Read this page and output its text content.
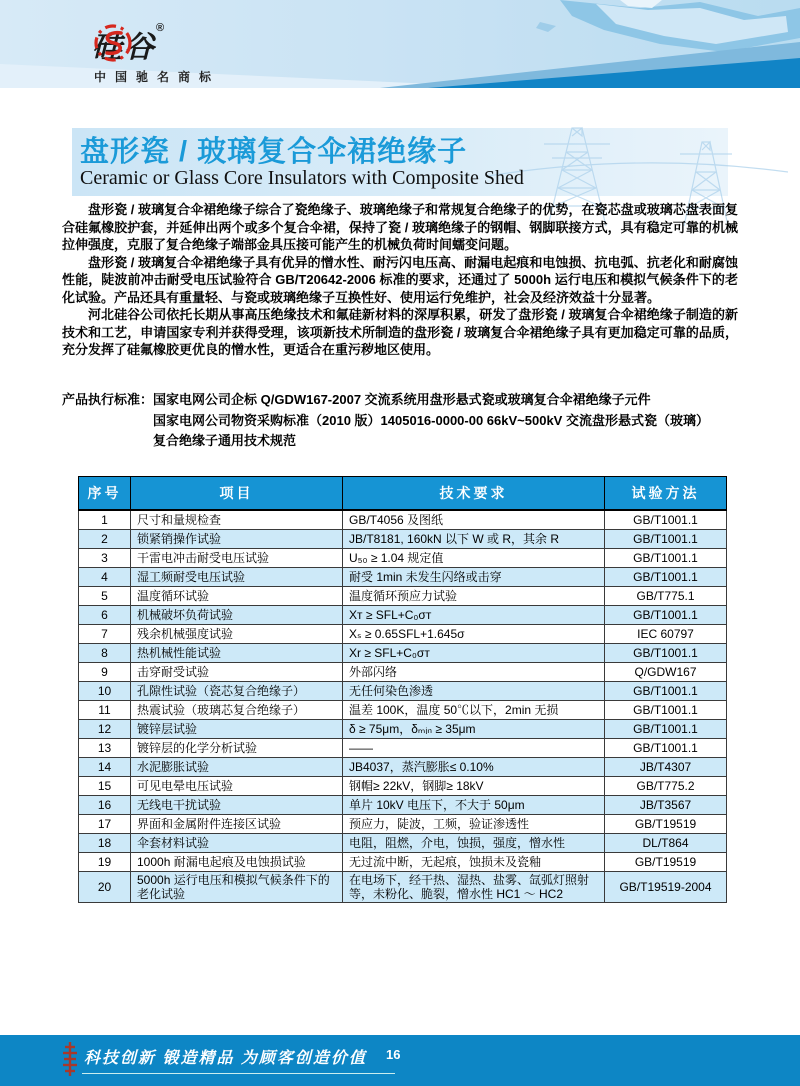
硅谷®
中国驰名商标
盘形瓷 / 玻璃复合伞裙绝缘子
Ceramic or Glass Core Insulators with Composite Shed

盘形瓷 / 玻璃复合伞裙绝缘子综合了瓷绝缘子、玻璃绝缘子和常规复合绝缘子的优势，在瓷芯盘或玻璃芯盘表面复合硅氟橡胶护套，并延伸出两个或多个复合伞裙，保持了瓷 / 玻璃绝缘子的钢帽、钢脚联接方式，具有稳定可靠的机械拉伸强度，克服了复合绝缘子端部金具压接可能产生的机械负荷时间蠕变问题。

盘形瓷 / 玻璃复合伞裙绝缘子具有优异的憎水性、耐污闪电压高、耐漏电起痕和电蚀损、抗电弧、抗老化和耐腐蚀性能，陡波前冲击耐受电压试验符合 GB/T20642-2006 标准的要求，还通过了 5000h 运行电压和模拟气候条件下的老化试验。产品还具有重量轻、与瓷或玻璃绝缘子互换性好、使用运行免维护，社会及经济效益十分显著。

河北硅谷公司依托长期从事高压绝缘技术和氟硅新材料的深厚积累，研发了盘形瓷 / 玻璃复合伞裙绝缘子制造的新技术和工艺，申请国家专利并获得受理，该项新技术所制造的盘形瓷 / 玻璃复合伞裙绝缘子具有更加稳定可靠的品质，充分发挥了硅氟橡胶更优良的憎水性，更适合在重污秽地区使用。

产品执行标准： 国家电网公司企标 Q/GDW167-2007 交流系统用盘形悬式瓷或玻璃复合伞裙绝缘子元件
国家电网公司物资采购标准（2010 版）1405016-0000-00 66kV~500kV 交流盘形悬式瓷（玻璃）
复合绝缘子通用技术规范
序号	项目	技术要求	试验方法
1	尺寸和量规检查	GB/T4056 及图纸	GB/T1001.1
2	锁紧销操作试验	JB/T8181, 160kN 以下 W 或 R，其余 R	GB/T1001.1
3	干雷电冲击耐受电压试验	U₅₀ ≥ 1.04 规定值	GB/T1001.1
4	湿工频耐受电压试验	耐受 1min 未发生闪络或击穿	GB/T1001.1
5	温度循环试验	温度循环预应力试验	GB/T775.1
6	机械破坏负荷试验	Xᴛ ≥ SFL+C₀σᴛ	GB/T1001.1
7	残余机械强度试验	Xₛ ≥ 0.65SFL+1.645σ	IEC 60797
8	热机械性能试验	Xr ≥ SFL+C₀σᴛ	GB/T1001.1
9	击穿耐受试验	外部闪络	Q/GDW167
10	孔隙性试验（瓷芯复合绝缘子）	无任何染色渗透	GB/T1001.1
11	热震试验（玻璃芯复合绝缘子）	温差 100K，温度 50℃以下，2min 无损	GB/T1001.1
12	镀锌层试验	δ ≥ 75μm，δₘᵢₙ ≥ 35μm	GB/T1001.1
13	镀锌层的化学分析试验	——	GB/T1001.1
14	水泥膨胀试验	JB4037，蒸汽膨胀≤ 0.10%	JB/T4307
15	可见电晕电压试验	钢帽≥ 22kV，钢脚≥ 18kV	GB/T775.2
16	无线电干扰试验	单片 10kV 电压下，不大于 50μm	JB/T3567
17	界面和金属附件连接区试验	预应力，陡波，工频，验证渗透性	GB/T19519
18	伞套材料试验	电阻，阻燃，介电，蚀损，强度，憎水性	DL/T864
19	1000h 耐漏电起痕及电蚀损试验	无过流中断，无起痕，蚀损未及瓷釉	GB/T19519
20	5000h 运行电压和模拟气候条件下的老化试验	在电场下，经干热、湿热、盐雾、氙弧灯照射等，未粉化、脆裂，憎水性 HC1 ～ HC2	GB/T19519-2004
科技创新 锻造精品 为顾客创造价值	16
